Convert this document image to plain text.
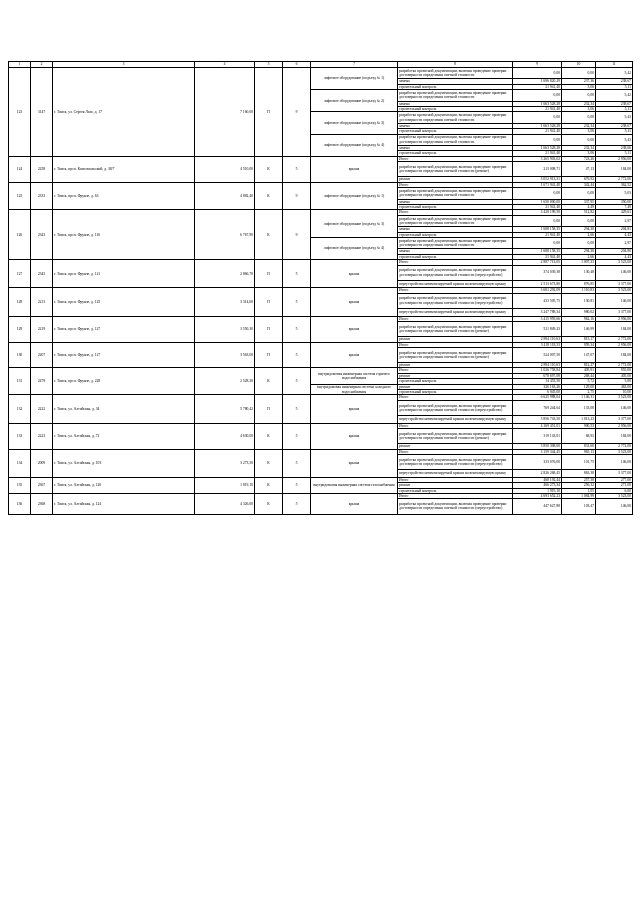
1	2	3	4	5	6	7	8	9	10	11
123	3147	г. Томск, ул. Сергея Лазо, д. 17	7 160,00	П	9	лифтовое оборудование (подъезд № 1)	разработка проектной документации, включая проведение проверки достоверности определения сметной стоимости	0,00	0,00	5,42
							замена	1 696 820,29	237,36	238,67
							строительный контроль	21 941,40	3,06	5,11
						лифтовое оборудование (подъезд № 2)	разработка проектной документации, включая проведение проверки достоверности определения сметной стоимости	0,00	0,00	5,42
							замена	1 663 528,28	232,34	238,67
							строительный контроль	21 941,40	3,06	5,11
						лифтовое оборудование (подъезд № 3)	разработка проектной документации, включая проведение проверки достоверности определения сметной стоимости	0,00	0,00	5,43
							замена	1 663 528,28	232,34	238,67
							строительный контроль	21 941,40	3,06	5,11
						лифтовое оборудование (подъезд № 4)	разработка проектной документации, включая проведение проверки достоверности определения сметной стоимости	0,00	0,00	5,43
							замена	1 663 528,28	232,34	238,66
							строительный контроль	21 941,40	3,06	5,11
124	2258	г. Томск, прсп. Комсомольский, д. 38/7	4 510,00	К	5	крыша	Итого	3 265 903,02	723,26	2 956,00
							разработка проектной документации, включая проведение проверки достоверности определения сметной стоимости (ремонт)	213 008,71	47,13	184,00
							ремонт	3 052 913,31	676,92	2 772,00
125	2333	г. Томск, прсп. Фрунзе, д. 63	4 882,40	К	9	лифтовое оборудование (подъезд № 1)	Итого	1 671 941,40	342,44	362,52
							разработка проектной документации, включая проведение проверки достоверности определения сметной стоимости	0,00	0,00	5,03
							замена	1 650 000,00	337,95	350,00
							строительный контроль	21 941,40	4,49	7,49
126	2343	г. Томск, прсп. Фрунзе, д. 116	6 767,90	К	9	лифтовое оборудование (подъезд № 3)	Итого	3 420 199,50	512,82	429,61
							разработка проектной документации, включая проведение проверки достоверности определения сметной стоимости	0,00	0,00	2,97
							замена	1 688 158,35	294,30	204,81
							строительный контроль	21 941,40	2,66	4,43
						лифтовое оборудование (подъезд № 4)	разработка проектной документации, включая проведение проверки достоверности определения сметной стоимости	0,00	0,00	2,97
							замена	1 688 158,35	294,30	204,80
							строительный контроль	21 941,40	2,66	4,43
127	2345	г. Томск, прсп. Фрунзе, д. 121	2 866,70	П	5	крыша	Итого	2 887 713,05	1 007,33	3 523,00
							разработка проектной документации, включая проведение проверки достоверности определения сметной стоимости (переустройство)	374 039,38	130,48	146,00
							переустройство невентилируемой крыши на вентилируемую крышу	2 513 673,80	876,85	3 377,00
128	2213	г. Томск, прсп. Фрунзе, д. 125	3 314,00	П	5	крыша	Итого	3 681 292,09	1 110,83	3 523,00
							разработка проектной документации, включая проведение проверки достоверности определения сметной стоимости (переустройство)	433 505,75	130,81	146,00
							переустройство невентилируемой крыши на вентилируемую крышу	3 247 788,34	980,02	3 377,00
129	2219	г. Томск, прсп. Фрунзе, д. 127	3 550,30	П	5	крыша	Итого	3 415 959,66	962,16	2 956,00
							разработка проектной документации, включая проведение проверки достоверности определения сметной стоимости (ремонт)	521 849,23	146,99	184,00
							ремонт	2 894 110,63	815,17	2 772,00
130	2207	г. Томск, прсп. Фрунзе, д. 127	3 563,00	П	5	крыша	Итого	3 418 118,33	959,34	2 956,00
							разработка проектной документации, включая проведение проверки достоверности определения сметной стоимости (ремонт)	524 007,50	147,07	184,00
							ремонт	2 894 110,63	812,27	2 772,00
131	2479	г. Томск, прсп. Фрунзе, д. 228	2 528,30	К	5	внутридомовая инженерная система горячего водоснабжения	Итого	1 026 758,84	405,91	955,00
							ремонт	678 697,08	268,44	405,00
							строительный контроль	14 453,50	5,72	5,00
						внутридомовая инженерная система холодного водоснабжения	ремонт	326 163,26	129,00	463,00
							строительный контроль	6 945,00	2,75	10,00
132	2222	г. Томск, ул. Алтайская, д. 34	5 780,42	П	5	крыша	Итого	6 625 988,04	1 146,31	3 523,00
							разработка проектной документации, включая проведение проверки достоверности определения сметной стоимости (переустройство)	769 244,64	133,08	146,00
							переустройство невентилируемой крыши на вентилируемую крышу	5 856 743,50	1 013,23	3 377,00
133	2223	г. Томск, ул. Алтайская, д. 72	4 630,00	К	5	крыша	Итого	4 169 451,01	900,53	2 956,00
							разработка проектной документации, включая проведение проверки достоверности определения сметной стоимости (ремонт)	319 143,01	68,93	184,00
							ремонт	3 850 308,00	831,60	2 772,00
134	2009	г. Томск, ул. Алтайская, д. 103	3 273,50	К	5	крыша	Итого	3 159 344,45	965,13	3 523,00
							разработка проектной документации, включая проведение проверки достоверности определения сметной стоимости (переустройство)	333 076,00	101,75	146,00
							переустройство невентилируемой крыши на вентилируемую крышу	2 826 268,45	863,38	3 377,00
135	2367	г. Томск, ул. Алтайская, д. 126	1 819,10	К	5	внутридомовая инженерная система газоснабжения	Итого	468 192,44	257,38	277,00
							ремонт	466 273,34	256,32	271,00
							строительный контроль	1 919,10	1,05	6,00
136	2368	г. Томск, ул. Алтайская, д. 124	4 326,00	К	5	крыша	Итого	4 693 652,23	1 084,99	3 523,00
							разработка проектной документации, включая проведение проверки достоверности определения сметной стоимости (переустройство)	447 627,88	103,47	146,00
